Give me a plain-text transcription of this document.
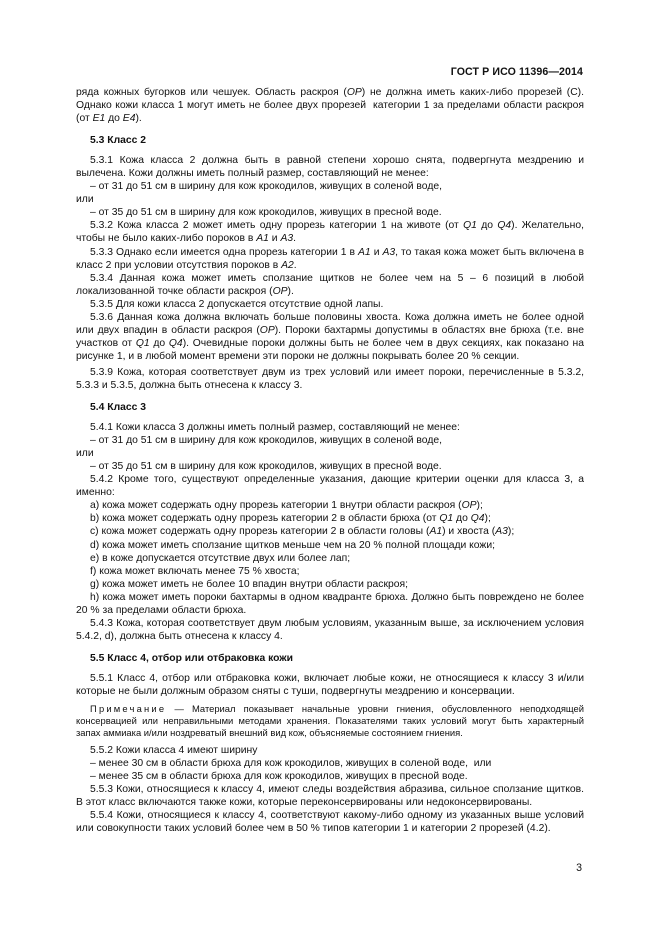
ГОСТ Р ИСО 11396—2014

ряда кожных бугорков или чешуек. Область раскроя (ОР) не должна иметь каких-либо прорезей (С). Однако кожи класса 1 могут иметь не более двух прорезей  категории 1 за пределами области раскроя (от Е1 до Е4).

5.3 Класс 2

5.3.1 Кожа класса 2 должна быть в равной степени хорошо снята, подвергнута мездрению и вылечена. Кожи должны иметь полный размер, составляющий не менее:

– от 31 до 51 см в ширину для кож крокодилов, живущих в соленой воде,

или

– от 35 до 51 см в ширину для кож крокодилов, живущих в пресной воде.

5.3.2 Кожа класса 2 может иметь одну прорезь категории 1 на животе (от Q1 до Q4). Желательно, чтобы не было каких-либо пороков в А1 и А3.

5.3.3 Однако если имеется одна прорезь категории 1 в А1 и А3, то такая кожа может быть включена в класс 2 при условии отсутствия пороков в А2.

5.3.4 Данная кожа может иметь сползание щитков не более чем на 5 – 6 позиций в любой локализованной точке области раскроя (ОР).

5.3.5 Для кожи класса 2 допускается отсутствие одной лапы.

5.3.6 Данная кожа должна включать больше половины хвоста. Кожа должна иметь не более одной или двух впадин в области раскроя (ОР). Пороки бахтармы допустимы в областях вне брюха (т.е. вне участков от Q1 до Q4). Очевидные пороки должны быть не более чем в двух секциях, как показано на рисунке 1, и в любой момент времени эти пороки не должны покрывать более 20 % секции.

5.3.9 Кожа, которая соответствует двум из трех условий или имеет пороки, перечисленные в 5.3.2, 5.3.3 и 5.3.5, должна быть отнесена к классу 3.

5.4 Класс 3

5.4.1 Кожи класса 3 должны иметь полный размер, составляющий не менее:

– от 31 до 51 см в ширину для кож крокодилов, живущих в соленой воде,

или

– от 35 до 51 см в ширину для кож крокодилов, живущих в пресной воде.

5.4.2 Кроме того, существуют определенные указания, дающие критерии оценки для класса 3, а именно:

а) кожа может содержать одну прорезь категории 1 внутри области раскроя (ОР);

b) кожа может содержать одну прорезь категории 2 в области брюха (от Q1 до Q4);

с) кожа может содержать одну прорезь категории 2 в области головы (А1) и хвоста (А3);

d) кожа может иметь сползание щитков меньше чем на 20 % полной площади кожи;

е) в коже допускается отсутствие двух или более лап;

f) кожа может включать менее 75 % хвоста;

g) кожа может иметь не более 10 впадин внутри области раскроя;

h) кожа может иметь пороки бахтармы в одном квадранте брюха. Должно быть повреждено не более 20 % за пределами области брюха.

5.4.3 Кожа, которая соответствует двум любым условиям, указанным выше, за исключением условия 5.4.2, d), должна быть отнесена к классу 4.

5.5 Класс 4, отбор или отбраковка кожи

5.5.1 Класс 4, отбор или отбраковка кожи, включает любые кожи, не относящиеся к классу 3 и/или которые не были должным образом сняты с туши, подвергнуты мездрению и консервации.

Примечание — Материал показывает начальные уровни гниения, обусловленного неподходящей консервацией или неправильными методами хранения. Показателями таких условий могут быть характерный запах аммиака и/или ноздреватый внешний вид кож, объясняемые состоянием гниения.

5.5.2 Кожи класса 4 имеют ширину

– менее 30 см в области брюха для кож крокодилов, живущих в соленой воде,  или

– менее 35 см в области брюха для кож крокодилов, живущих в пресной воде.

5.5.3 Кожи, относящиеся к классу 4, имеют следы воздействия абразива, сильное сползание щитков. В этот класс включаются также кожи, которые переконсервированы или недоконсервированы.

5.5.4 Кожи, относящиеся к классу 4, соответствуют какому-либо одному из указанных выше условий или совокупности таких условий более чем в 50 % типов категории 1 и категории 2 прорезей (4.2).

3
